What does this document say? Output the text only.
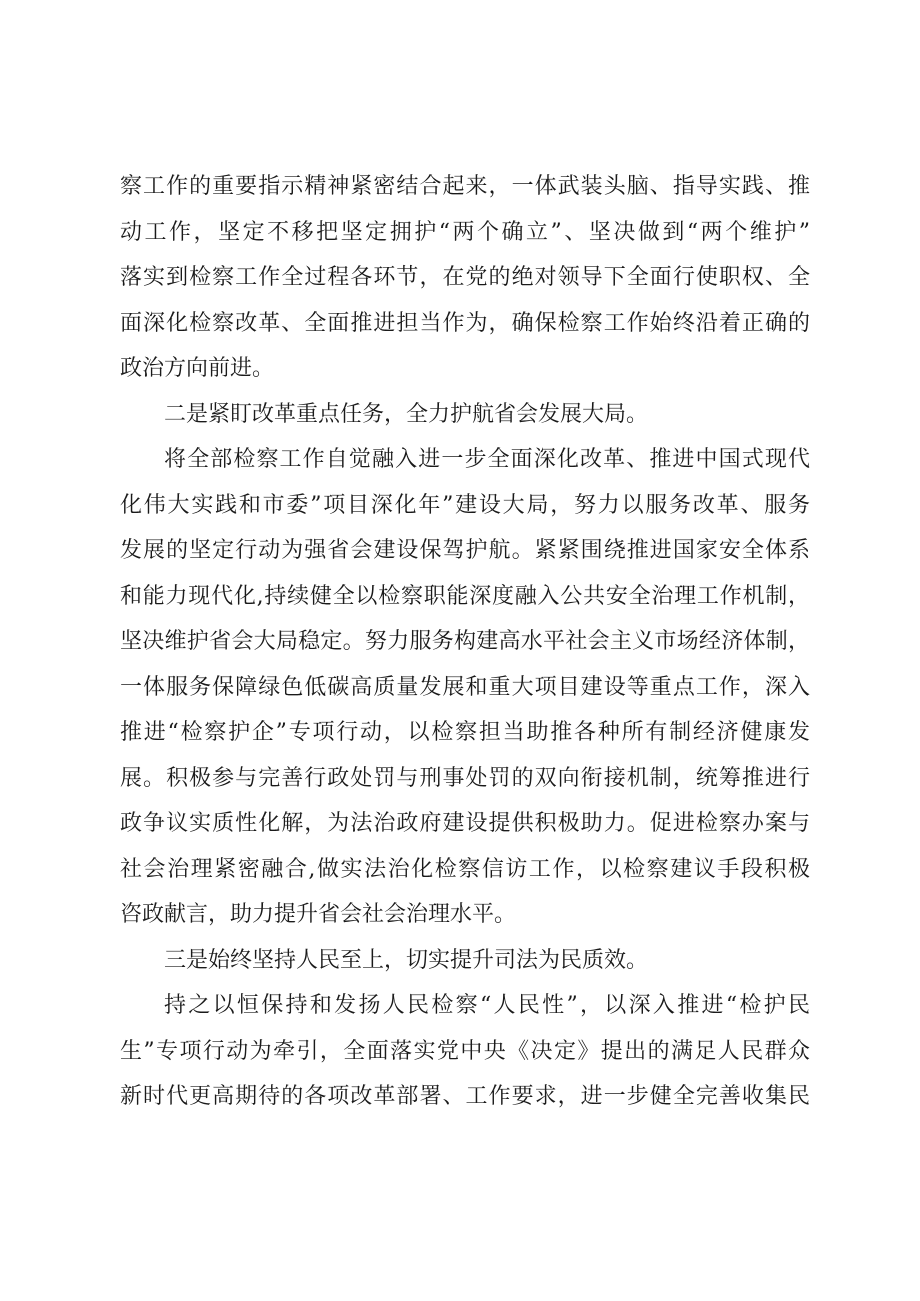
察工作的重要指示精神紧密结合起来，一体武装头脑、指导实践、推
动工作，坚定不移把坚定拥护“两个确立”、坚决做到“两个维护”
落实到检察工作全过程各环节，在党的绝对领导下全面行使职权、全
面深化检察改革、全面推进担当作为，确保检察工作始终沿着正确的
政治方向前进。
二是紧盯改革重点任务，全力护航省会发展大局。
将全部检察工作自觉融入进一步全面深化改革、推进中国式现代
化伟大实践和市委”项目深化年”建设大局，努力以服务改革、服务
发展的坚定行动为强省会建设保驾护航。紧紧围绕推进国家安全体系
和能力现代化,持续健全以检察职能深度融入公共安全治理工作机制，
坚决维护省会大局稳定。努力服务构建高水平社会主义市场经济体制，
一体服务保障绿色低碳高质量发展和重大项目建设等重点工作，深入
推进“检察护企”专项行动，以检察担当助推各种所有制经济健康发
展。积极参与完善行政处罚与刑事处罚的双向衔接机制，统筹推进行
政争议实质性化解，为法治政府建设提供积极助力。促进检察办案与
社会治理紧密融合,做实法治化检察信访工作，以检察建议手段积极
咨政献言，助力提升省会社会治理水平。
三是始终坚持人民至上，切实提升司法为民质效。
持之以恒保持和发扬人民检察“人民性”，以深入推进“检护民
生”专项行动为牵引，全面落实党中央《决定》提出的满足人民群众
新时代更高期待的各项改革部署、工作要求，进一步健全完善收集民
